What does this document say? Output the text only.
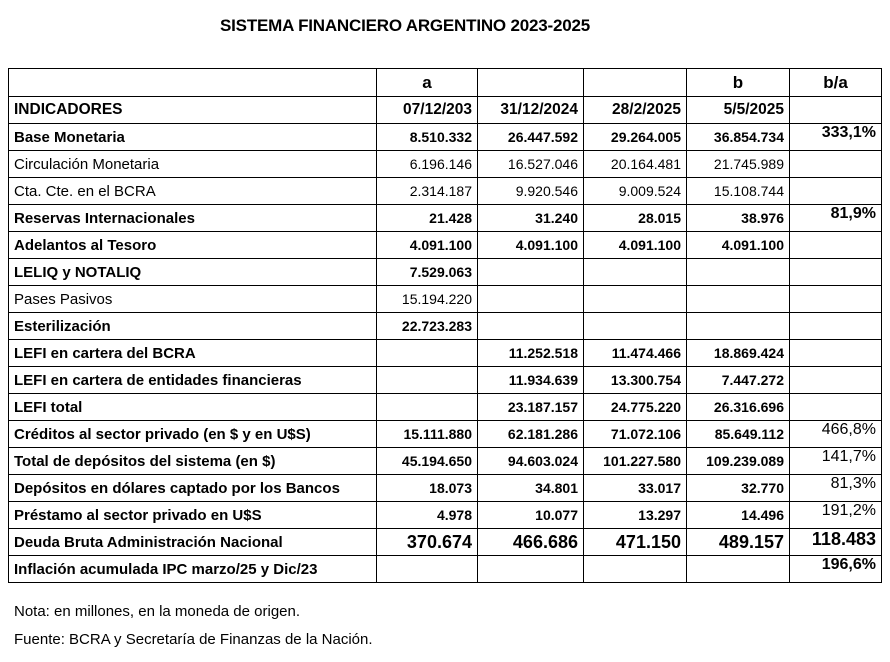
SISTEMA FINANCIERO ARGENTINO 2023-2025
	a			b	b/a
INDICADORES	07/12/203	31/12/2024	28/2/2025	5/5/2025	
Base Monetaria	8.510.332	26.447.592	29.264.005	36.854.734	333,1%
Circulación Monetaria	6.196.146	16.527.046	20.164.481	21.745.989	
Cta. Cte. en el BCRA	2.314.187	9.920.546	9.009.524	15.108.744	
Reservas Internacionales	21.428	31.240	28.015	38.976	81,9%
Adelantos al Tesoro	4.091.100	4.091.100	4.091.100	4.091.100	
LELIQ y NOTALIQ	7.529.063				
Pases Pasivos	15.194.220				
Esterilización	22.723.283				
LEFI en cartera del BCRA		11.252.518	11.474.466	18.869.424	
LEFI en cartera de entidades financieras		11.934.639	13.300.754	7.447.272	
LEFI total		23.187.157	24.775.220	26.316.696	
Créditos al sector privado (en $ y en U$S)	15.111.880	62.181.286	71.072.106	85.649.112	466,8%
Total de depósitos del sistema (en $)	45.194.650	94.603.024	101.227.580	109.239.089	141,7%
Depósitos en dólares captado por los Bancos	18.073	34.801	33.017	32.770	81,3%
Préstamo al sector privado en U$S	4.978	10.077	13.297	14.496	191,2%
Deuda Bruta Administración Nacional	370.674	466.686	471.150	489.157	118.483
Inflación acumulada IPC marzo/25 y Dic/23					196,6%
Nota: en millones, en la moneda de origen.
Fuente: BCRA y Secretaría de Finanzas de la Nación.
